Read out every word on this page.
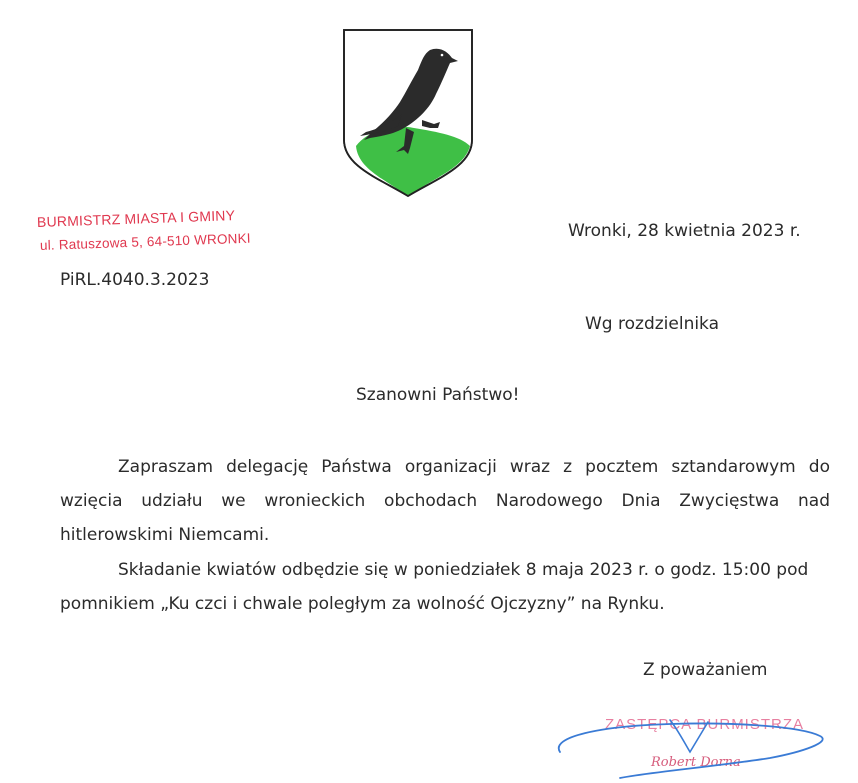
BURMISTRZ MIASTA I GMINY
ul. Ratuszowa 5, 64-510 WRONKI	Wronki, 28 kwietnia 2023 r.
PiRL.4040.3.2023
Wg rozdzielnika
Szanowni Państwo!
Zapraszam delegację Państwa organizacji wraz z pocztem sztandarowym do wzięcia udziału we wronieckich obchodach Narodowego Dnia Zwycięstwa nad hitlerowskimi Niemcami.
Składanie kwiatów odbędzie się w poniedziałek 8 maja 2023 r. o godz. 15:00 pod pomnikiem „Ku czci i chwale poległym za wolność Ojczyzny” na Rynku.
Z poważaniem
ZASTĘPCA BURMISTRZA
Robert Dorna
